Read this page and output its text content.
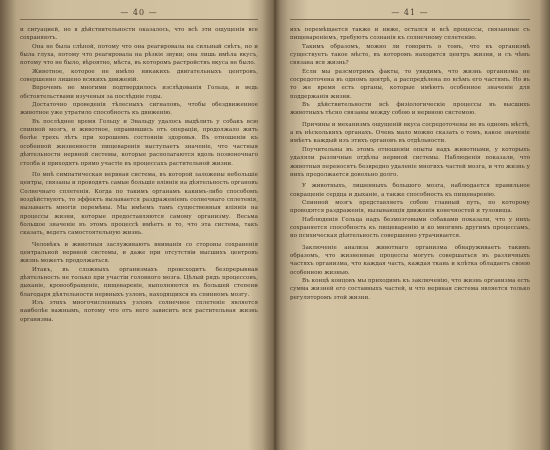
— 40 —

и сиrуацией, но в дѣйствительности оказалось, что всѣ эти ощущенія все сохраняютъ.

Она не была слѣпой, потому что она реагировала на сильный свѣтъ, но и была глуха, потому что реагировала на рѣзкіе звуки; она лишь имѣла вкусъ, потому что не было, вѣроятно, мѣста, въ которомъ растройствъ вкуса не было.

Животное, которое не имѣло никакихъ двигательныхъ центровъ, совершенно лишено всякихъ движеній.

Впрочемъ не многими подтвердилось изслѣдованія Гольца, и ведь обстоятельствами изученыя за послѣдніе годы.

Достаточно проведенія тѣлесныхъ сигналовъ, чтобы обездвиженное животное уже утратило способность къ движенію.

Въ послѣднее время Гольцу и Эвальду удалось выдѣлить у собакъ всю спинной мозгъ, и животное, оправившись отъ операціи, продолжало жить болѣе трехъ лѣтъ при хорошемъ состояніи здоровья. Въ отношеніи къ особенной жизненности пищеваренія выступаетъ значеніе, что частныя дѣятельности нервной системы, которые располагаются вдоль позвоночнаго столба и приходятъ прямо участіе въ процессахъ растительной жизни.

По мнѣ симпатическая нервная система, въ которой заложены небольшіе центры, связаны и проводятъ самые большіе вліянія на дѣятельность органовъ Солнечнаго сплетенія. Когда по такимъ органамъ какимъ-либо способомъ воздѣйствуютъ, то эффектъ вызывается раздраженіемъ солнечнаго сплетенія, вызываетъ многія перемѣны. Мы имѣемъ тамъ существенныя вліянія на процессы жизни, которые предоставляются самому организму. Весьма большое значеніе въ этомъ процессѣ имѣетъ и то, что эта система, такъ сказать, ведетъ самостоятельную жизнь.

Человѣкъ и животныя заслуживаютъ вниманія со стороны сохраненія центральной нервной системы, и даже при отсутствіи высшихъ центровъ жизнь можетъ продолжаться.

Итакъ, въ сложныхъ организмахъ происходитъ безпрерывная дѣятельность не только при участіи головного мозга. Цѣлый рядъ процессовъ, дыханіе, кровообращеніе, пищевареніе, выполняются въ большей степени благодаря дѣятельности нервныхъ узловъ, находящихся въ спинномъ мозгу.

Изъ этихъ многочисленныхъ узловъ солнечное сплетеніе является наиболѣе важнымъ, потому что отъ него зависитъ вся растительная жизнь организма.

— 41 —

ихъ перемѣщается также и ниже, остался и всѣ процессы, связанные съ пищевареніемъ, требуютъ сознанія къ солнечному сплетенію.

Такимъ образомъ, можно ли говорить о томъ, что въ организмѣ существуетъ такое мѣсто, въ которомъ находится центръ жизни, и съ чѣмъ связана вся жизнь?

Если мы разсмотримъ факты, то увидимъ, что жизнь организма не сосредоточена въ одномъ центрѣ, а распредѣлена по всѣмъ его частямъ. Но въ то же время есть органы, которые имѣютъ особенное значеніе для поддержанія жизни.

Въ дѣйствительности всѣ физіологическіе процессы въ высшихъ животныхъ тѣсно связаны между собою и нервною системою.

Причины и механизмъ ощущеній вкуса сосредоточены не въ одномъ мѣстѣ, а въ нѣсколькихъ органахъ. Очень мало можно сказать о томъ, какое значеніе имѣетъ каждый изъ этихъ органовъ въ отдѣльности.

Поучительны въ этомъ отношеніи опыты надъ животными, у которыхъ удаляли различные отдѣлы нервной системы. Наблюденія показали, что животныя переносятъ безвредно удаленіе многихъ частей мозга, и что жизнь у нихъ продолжается довольно долго.

У животныхъ, лишенныхъ большого мозга, наблюдается правильное сокращеніе сердца и дыханіе, а также способность къ пищеваренію.

Спинной мозгъ представляетъ собою главный путь, по которому проводятся раздраженія, вызывающія движенія конечностей и туловища.

Наблюденія Гольца надъ безмозговыми собаками показали, что у нихъ сохраняется способность къ пищеваренію и ко многимъ другимъ процессамъ, но психическая дѣятельность совершенно утрачивается.

Заключеніе анализа животнаго организма обнаруживаетъ такимъ образомъ, что жизненные процессы могутъ совершаться въ различныхъ частяхъ организма, что каждая часть, каждая ткань и клѣтка обладаетъ своею особенною жизнью.

Въ концѣ концовъ мы приходимъ къ заключенію, что жизнь организма есть сумма жизней его составныхъ частей, и что нервная система является только регуляторомъ этой жизни.
